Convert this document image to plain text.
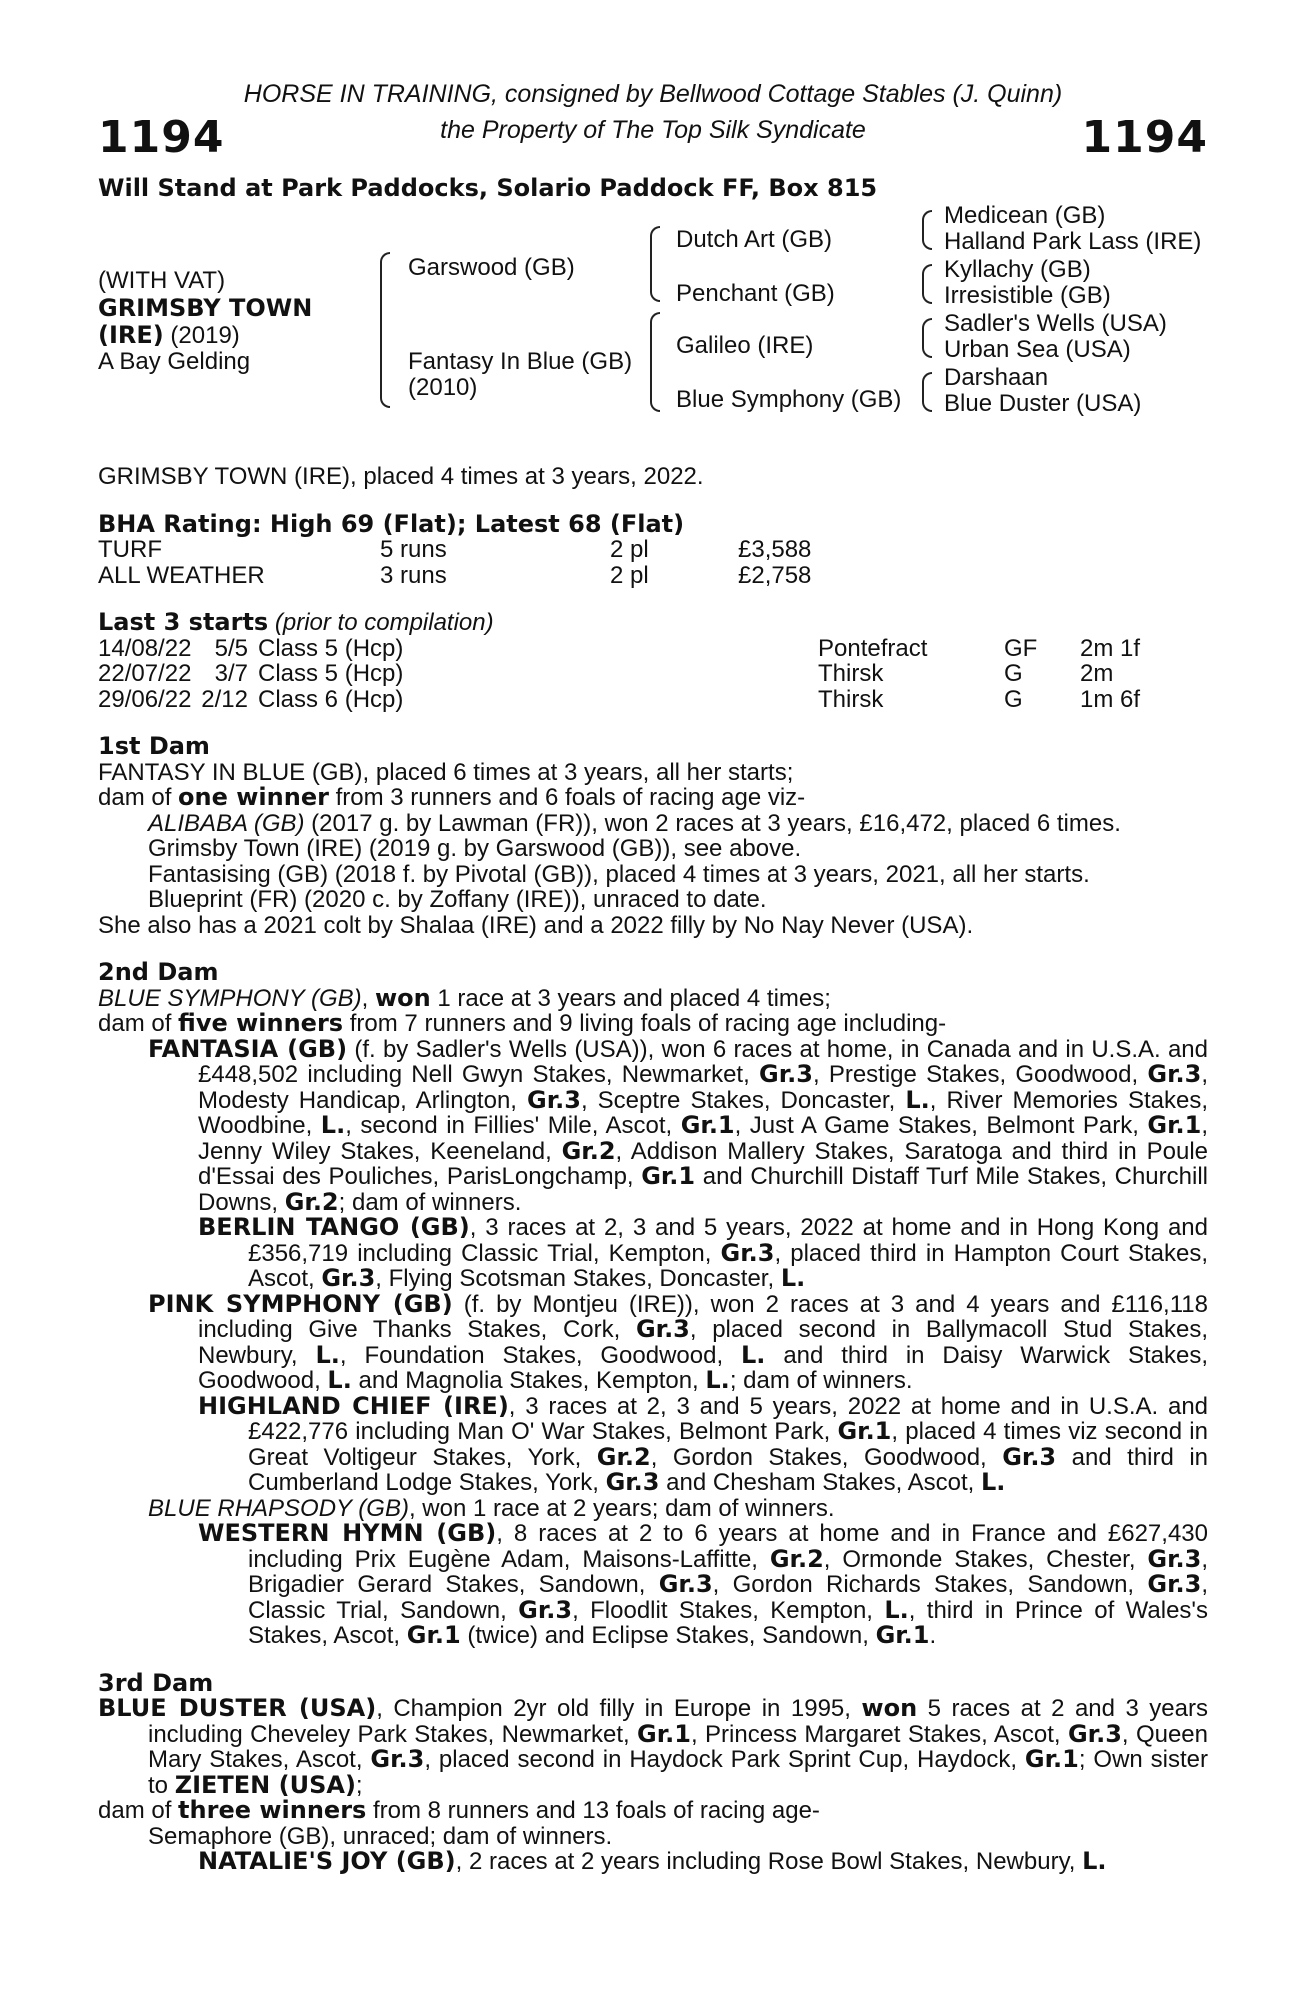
HORSE IN TRAINING, consigned by Bellwood Cottage Stables (J. Quinn)
the Property of The Top Silk Syndicate
1194	1194
Will Stand at Park Paddocks, Solario Paddock FF, Box 815
(WITH VAT)
GRIMSBY TOWN
(IRE) (2019)
A Bay Gelding
Garswood (GB)
Fantasy In Blue (GB)
(2010)
Dutch Art (GB)
Penchant (GB)
Galileo (IRE)
Blue Symphony (GB)
Medicean (GB)
Halland Park Lass (IRE)
Kyllachy (GB)
Irresistible (GB)
Sadler's Wells (USA)
Urban Sea (USA)
Darshaan
Blue Duster (USA)
GRIMSBY TOWN (IRE), placed 4 times at 3 years, 2022.
BHA Rating: High 69 (Flat); Latest 68 (Flat)
TURF	5 runs	2 pl	£3,588
ALL WEATHER	3 runs	2 pl	£2,758
Last 3 starts (prior to compilation)
14/08/22	5/5	Class 5 (Hcp)	Pontefract	GF	2m 1f
22/07/22	3/7	Class 5 (Hcp)	Thirsk	G	2m
29/06/22	2/12	Class 6 (Hcp)	Thirsk	G	1m 6f
1st Dam
FANTASY IN BLUE (GB), placed 6 times at 3 years, all her starts;
dam of one winner from 3 runners and 6 foals of racing age viz-
ALIBABA (GB) (2017 g. by Lawman (FR)), won 2 races at 3 years, £16,472, placed 6 times.
Grimsby Town (IRE) (2019 g. by Garswood (GB)), see above.
Fantasising (GB) (2018 f. by Pivotal (GB)), placed 4 times at 3 years, 2021, all her starts.
Blueprint (FR) (2020 c. by Zoffany (IRE)), unraced to date.
She also has a 2021 colt by Shalaa (IRE) and a 2022 filly by No Nay Never (USA).
2nd Dam
BLUE SYMPHONY (GB), won 1 race at 3 years and placed 4 times;
dam of five winners from 7 runners and 9 living foals of racing age including-
FANTASIA (GB) (f. by Sadler's Wells (USA)), won 6 races at home, in Canada and in U.S.A. and £448,502 including Nell Gwyn Stakes, Newmarket, Gr.3, Prestige Stakes, Goodwood, Gr.3, Modesty Handicap, Arlington, Gr.3, Sceptre Stakes, Doncaster, L., River Memories Stakes, Woodbine, L., second in Fillies' Mile, Ascot, Gr.1, Just A Game Stakes, Belmont Park, Gr.1, Jenny Wiley Stakes, Keeneland, Gr.2, Addison Mallery Stakes, Saratoga and third in Poule d'Essai des Pouliches, ParisLongchamp, Gr.1 and Churchill Distaff Turf Mile Stakes, Churchill Downs, Gr.2; dam of winners.
BERLIN TANGO (GB), 3 races at 2, 3 and 5 years, 2022 at home and in Hong Kong and £356,719 including Classic Trial, Kempton, Gr.3, placed third in Hampton Court Stakes, Ascot, Gr.3, Flying Scotsman Stakes, Doncaster, L.
PINK SYMPHONY (GB) (f. by Montjeu (IRE)), won 2 races at 3 and 4 years and £116,118 including Give Thanks Stakes, Cork, Gr.3, placed second in Ballymacoll Stud Stakes, Newbury, L., Foundation Stakes, Goodwood, L. and third in Daisy Warwick Stakes, Goodwood, L. and Magnolia Stakes, Kempton, L.; dam of winners.
HIGHLAND CHIEF (IRE), 3 races at 2, 3 and 5 years, 2022 at home and in U.S.A. and £422,776 including Man O' War Stakes, Belmont Park, Gr.1, placed 4 times viz second in Great Voltigeur Stakes, York, Gr.2, Gordon Stakes, Goodwood, Gr.3 and third in Cumberland Lodge Stakes, York, Gr.3 and Chesham Stakes, Ascot, L.
BLUE RHAPSODY (GB), won 1 race at 2 years; dam of winners.
WESTERN HYMN (GB), 8 races at 2 to 6 years at home and in France and £627,430 including Prix Eugène Adam, Maisons-Laffitte, Gr.2, Ormonde Stakes, Chester, Gr.3, Brigadier Gerard Stakes, Sandown, Gr.3, Gordon Richards Stakes, Sandown, Gr.3, Classic Trial, Sandown, Gr.3, Floodlit Stakes, Kempton, L., third in Prince of Wales's Stakes, Ascot, Gr.1 (twice) and Eclipse Stakes, Sandown, Gr.1.
3rd Dam
BLUE DUSTER (USA), Champion 2yr old filly in Europe in 1995, won 5 races at 2 and 3 years including Cheveley Park Stakes, Newmarket, Gr.1, Princess Margaret Stakes, Ascot, Gr.3, Queen Mary Stakes, Ascot, Gr.3, placed second in Haydock Park Sprint Cup, Haydock, Gr.1; Own sister to ZIETEN (USA);
dam of three winners from 8 runners and 13 foals of racing age-
Semaphore (GB), unraced; dam of winners.
NATALIE'S JOY (GB), 2 races at 2 years including Rose Bowl Stakes, Newbury, L.
